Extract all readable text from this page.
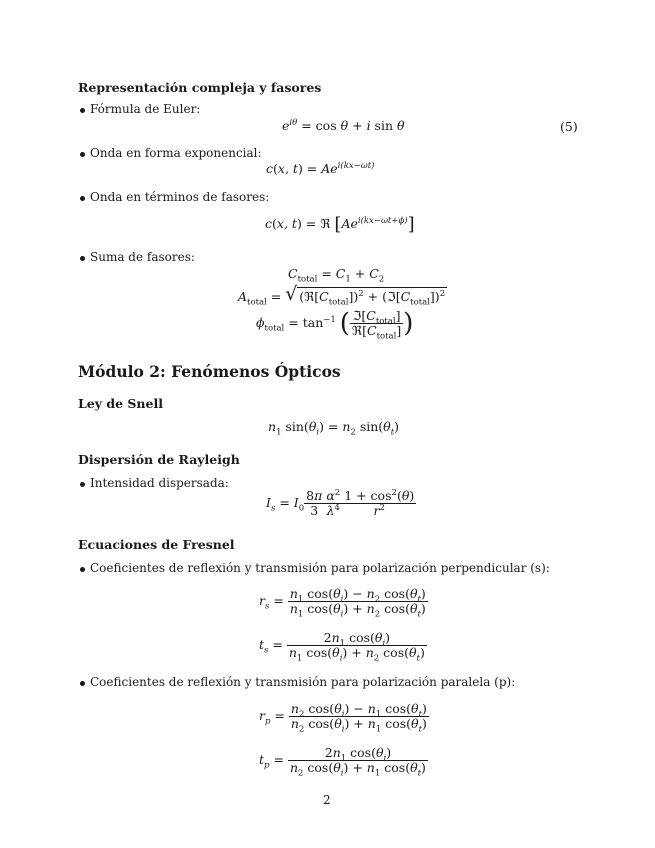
Representación compleja y fasores
Fórmula de Euler:
$e^{i\theta} = \cos \theta + i$ sin θ	(5)
Onda en forma exponencial:
c(x, $t) = Ae^{i(kx-\omega t)}$
Onda en términos de fasores:
c(x, t) = ℜ $[Ae^{i(kx-\omega t+\phi)}]$
Suma de fasores:
$C_{total} = C_1 + C_2$
$A_{total}$ = √ $(ℜ[C_{total}])^2$ + $(ℑ[C_{total}])^2$
$\phi_{total} = \tan^{-1}$ ( $\frac{ℑ[C_{total}]}{ℜ[C_{total}]}$ )
Módulo 2: Fenómenos Ópticos
Ley de Snell
$n_1$ $\sin(\theta_i) = n_2$ $\sin(\theta_t)$
Dispersión de Rayleigh
Intensidad dispersada:
$I_s = I_0 \frac{8\pi}{3} \frac{\alpha^2}{\lambda^4} \frac{1 + \cos^2(\theta)}{r^2}$
Ecuaciones de Fresnel
Coeficientes de reflexión y transmisión para polarización perpendicular (s):
$r_s = \frac{n_1 \cos(\theta_i) - n_2 \cos(\theta_t)}{n_1 \cos(\theta_i) + n_2 \cos(\theta_t)}$
$t_s = \frac{2n_1 \cos(\theta_i)}{n_1 \cos(\theta_i) + n_2 \cos(\theta_t)}$
Coeficientes de reflexión y transmisión para polarización paralela (p):
$r_p = \frac{n_2 \cos(\theta_i) - n_1 \cos(\theta_t)}{n_2 \cos(\theta_i) + n_1 \cos(\theta_t)}$
$t_p = \frac{2n_1 \cos(\theta_i)}{n_2 \cos(\theta_i) + n_1 \cos(\theta_t)}$
2
